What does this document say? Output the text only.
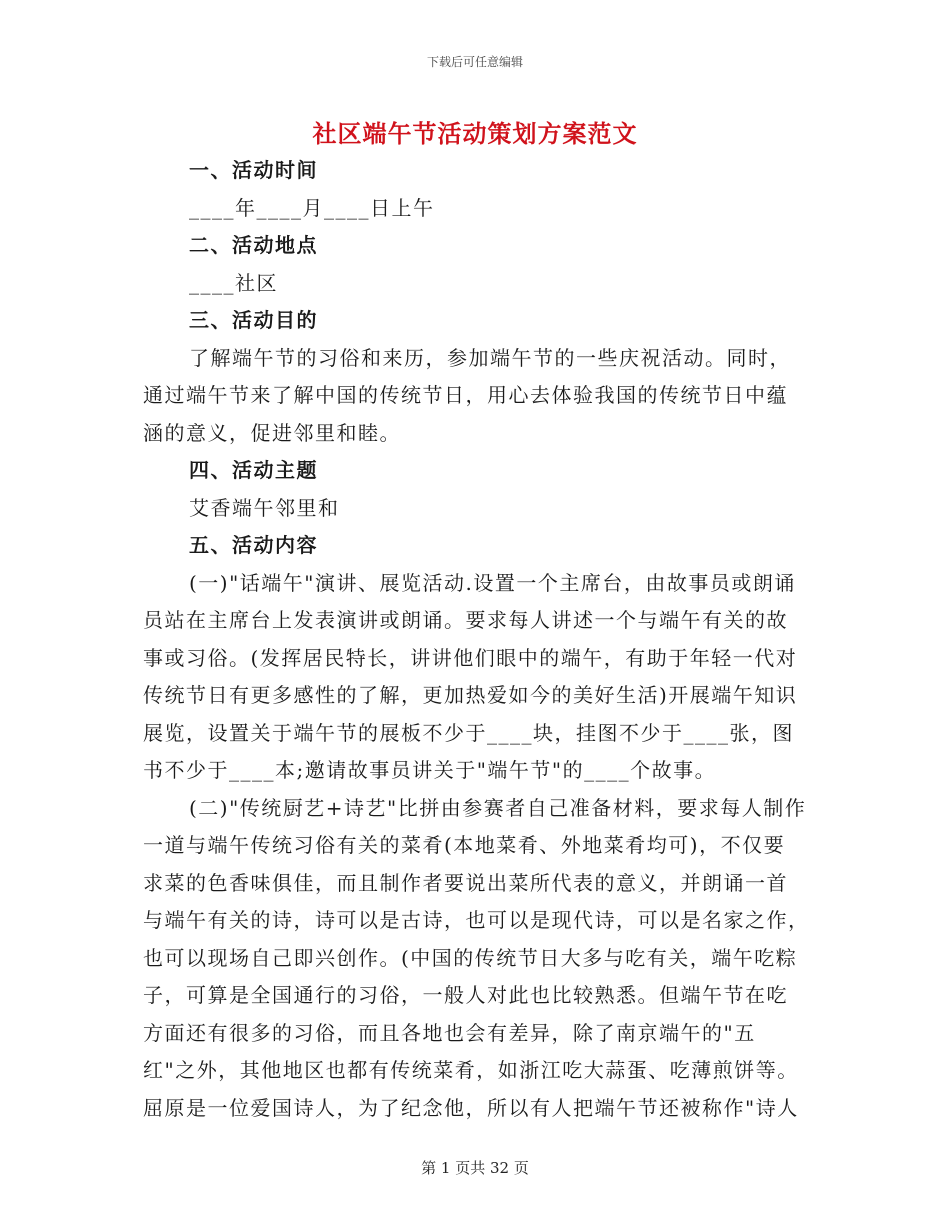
下载后可任意编辑
社区端午节活动策划方案范文
一、活动时间
____年____月____日上午
二、活动地点
____社区
三、活动目的
了解端午节的习俗和来历，参加端午节的一些庆祝活动。同时，
通过端午节来了解中国的传统节日，用心去体验我国的传统节日中蕴
涵的意义，促进邻里和睦。
四、活动主题
艾香端午邻里和
五、活动内容
(一)"话端午"演讲、展览活动.设置一个主席台，由故事员或朗诵
员站在主席台上发表演讲或朗诵。要求每人讲述一个与端午有关的故
事或习俗。(发挥居民特长，讲讲他们眼中的端午，有助于年轻一代对
传统节日有更多感性的了解，更加热爱如今的美好生活)开展端午知识
展览，设置关于端午节的展板不少于____块，挂图不少于____张，图
书不少于____本;邀请故事员讲关于"端午节"的____个故事。
(二)"传统厨艺+诗艺"比拼由参赛者自己准备材料，要求每人制作
一道与端午传统习俗有关的菜肴(本地菜肴、外地菜肴均可)，不仅要
求菜的色香味俱佳，而且制作者要说出菜所代表的意义，并朗诵一首
与端午有关的诗，诗可以是古诗，也可以是现代诗，可以是名家之作，
也可以现场自己即兴创作。(中国的传统节日大多与吃有关，端午吃粽
子，可算是全国通行的习俗，一般人对此也比较熟悉。但端午节在吃
方面还有很多的习俗，而且各地也会有差异，除了南京端午的"五
红"之外，其他地区也都有传统菜肴，如浙江吃大蒜蛋、吃薄煎饼等。
屈原是一位爱国诗人，为了纪念他，所以有人把端午节还被称作"诗人
第 1 页共 32 页
